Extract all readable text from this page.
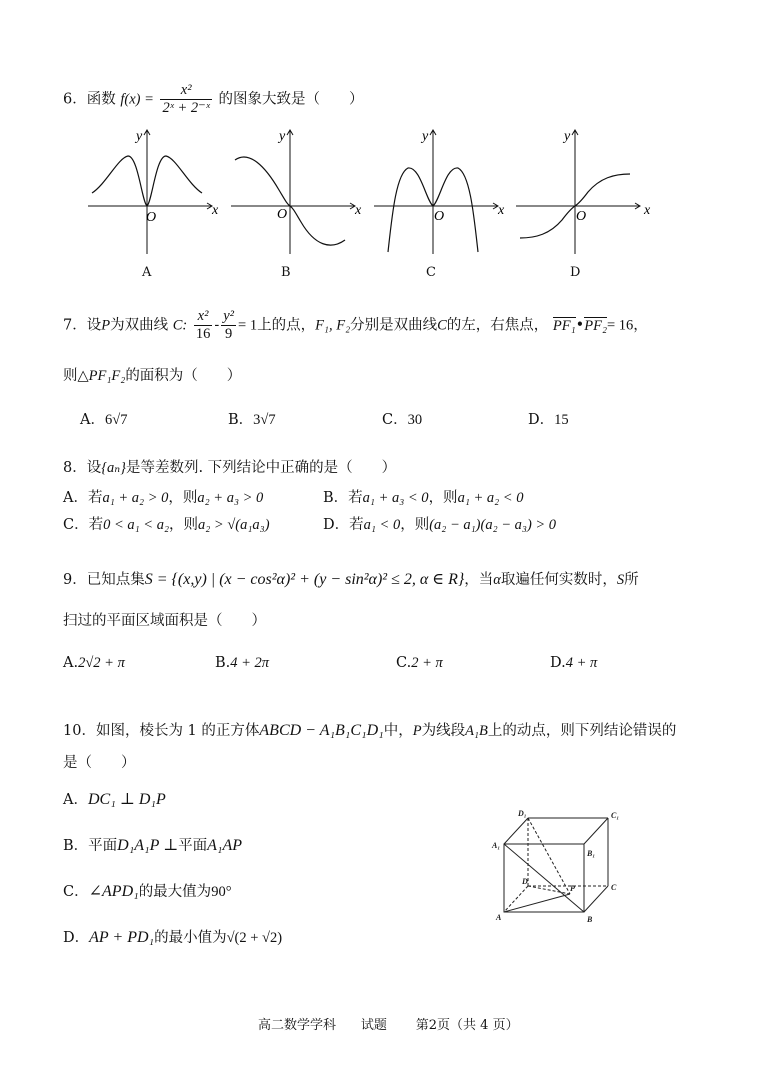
6．函数 $f(x) = \frac{\text{x²}}{\text{2ˣ + 2⁻ˣ}}$ 的图象大致是（　　）
y
x
O
A
y
x
O
B
y
x
O
C
y
x
O
D
7．设P为双曲线 C: $\frac{\text{x²}}{16} - \frac{\text{y²}}{9} = 1$上的点，F₁, F₂分别是双曲线C的左，右焦点， PF₁•PF₂= 16，
则△PF₁F₂的面积为（　　）
A．6√7	B．3√7	C．30	D．15
8．设{aₙ}是等差数列. 下列结论中正确的是（　　）
A．若a₁ + a₂ > 0，则a₂ + a₃ > 0	B．若a₁ + a₃ < 0，则a₁ + a₂ < 0
C．若0 < a₁ < a₂，则a₂ > √(a₁a₃)	D．若a₁ < 0，则(a₂ − a₁)(a₂ − a₃) > 0
9．已知点集S = {(x,y) | (x − cos²α)² + (y − sin²α)² ≤ 2, α ∈ R}，当α取遍任何实数时，S所
扫过的平面区域面积是（　　）
A.2√2 + π	B.4 + 2π	C.2 + π	D.4 + π
10．如图，棱长为 1 的正方体ABCD − A₁B₁C₁D₁中，P为线段A₁B上的动点，则下列结论错误的
是（　　）
A．DC₁ ⊥ D₁P
B．平面D₁A₁P ⊥平面A₁AP
C．∠APD₁的最大值为90°
D．AP + PD₁的最小值为√(2 + √2)
D₁	C₁
A₁
B₁
D
C
A	B
P
高二数学学科 试题 第2页（共 4 页）
